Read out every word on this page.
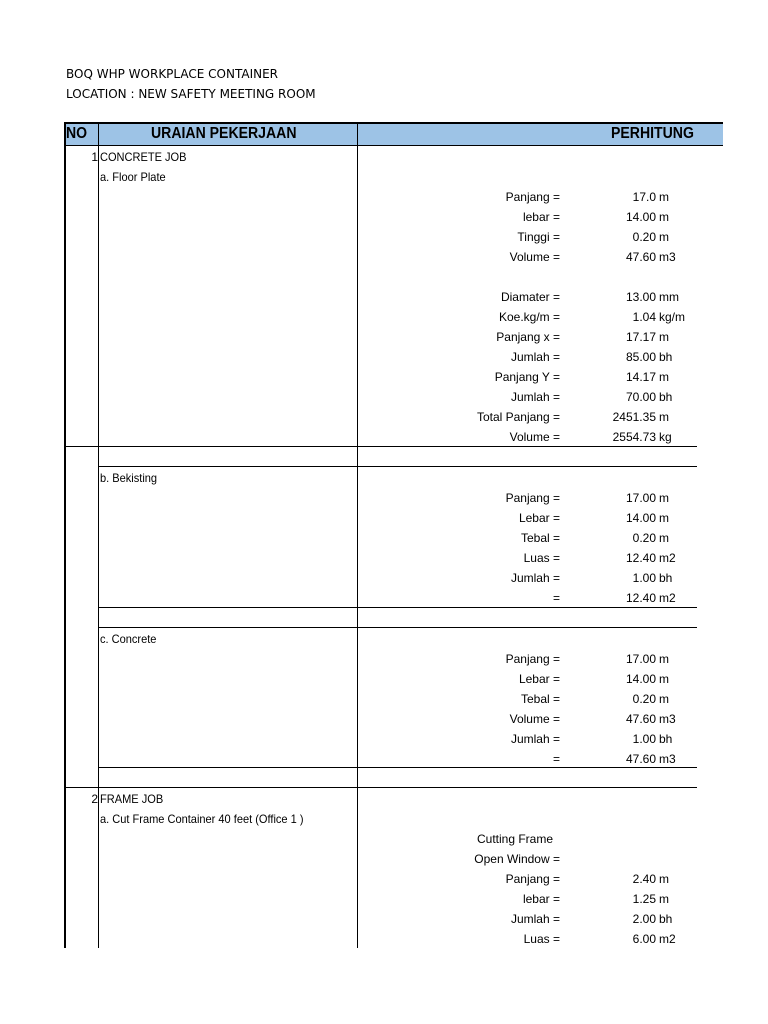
BOQ WHP WORKPLACE CONTAINER
LOCATION : NEW SAFETY MEETING ROOM
NO	URAIAN PEKERJAAN	PERHITUNG
1 CONCRETE JOB
a. Floor Plate
Panjang =	17.0 m
lebar =	14.00 m
Tinggi =	0.20 m
Volume =	47.60 m3
Diamater =	13.00 mm
Koe.kg/m =	1.04 kg/m
Panjang x =	17.17 m
Jumlah =	85.00 bh
Panjang Y =	14.17 m
Jumlah =	70.00 bh
Total Panjang =	2451.35 m
Volume =	2554.73 kg
b. Bekisting
Panjang =	17.00 m
Lebar =	14.00 m
Tebal =	0.20 m
Luas =	12.40 m2
Jumlah =	1.00 bh
=	12.40 m2
c. Concrete
Panjang =	17.00 m
Lebar =	14.00 m
Tebal =	0.20 m
Volume =	47.60 m3
Jumlah =	1.00 bh
=	47.60 m3
2 FRAME JOB
a. Cut Frame Container 40 feet (Office 1 )
Cutting Frame
Open Window =
Panjang =	2.40 m
lebar =	1.25 m
Jumlah =	2.00 bh
Luas =	6.00 m2
